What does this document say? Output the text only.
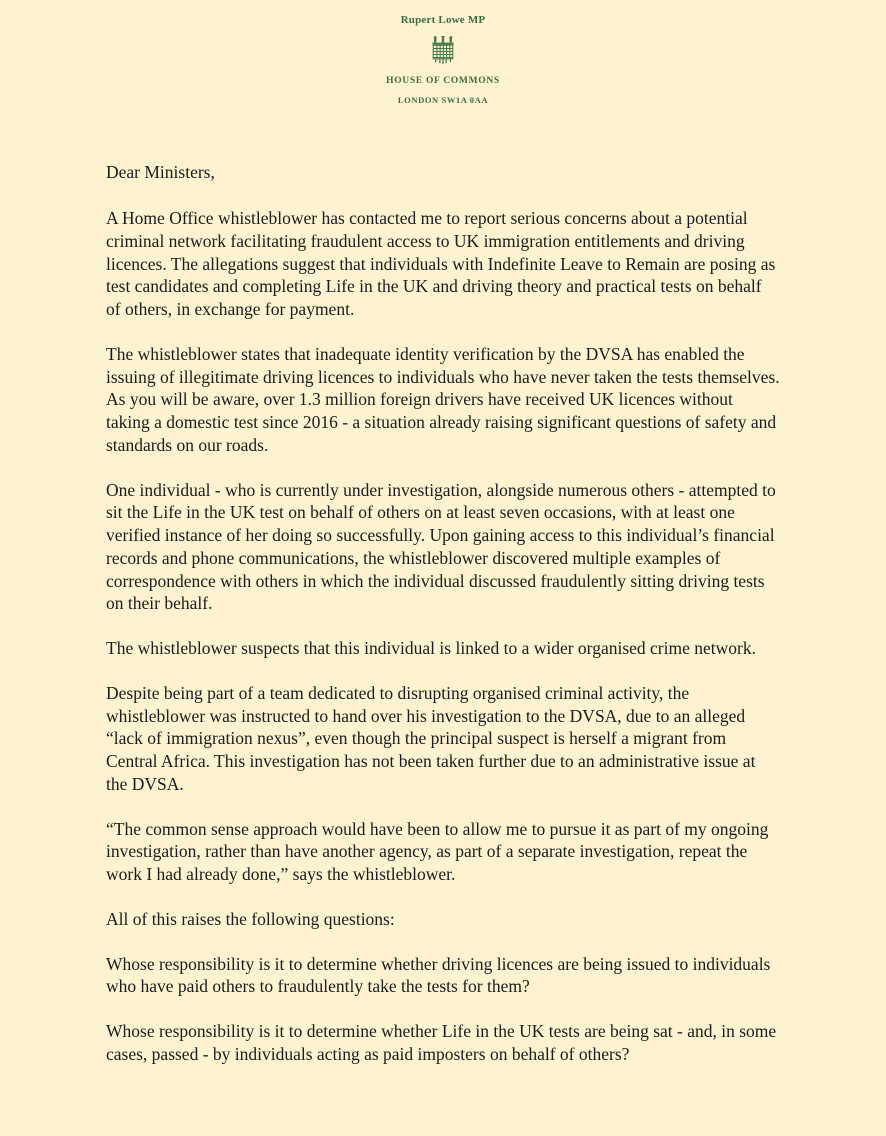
Rupert Lowe MP
HOUSE OF COMMONS
LONDON SW1A 0AA

Dear Ministers,

A Home Office whistleblower has contacted me to report serious concerns about a potential criminal network facilitating fraudulent access to UK immigration entitlements and driving licences. The allegations suggest that individuals with Indefinite Leave to Remain are posing as test candidates and completing Life in the UK and driving theory and practical tests on behalf of others, in exchange for payment.

The whistleblower states that inadequate identity verification by the DVSA has enabled the issuing of illegitimate driving licences to individuals who have never taken the tests themselves. As you will be aware, over 1.3 million foreign drivers have received UK licences without taking a domestic test since 2016 - a situation already raising significant questions of safety and standards on our roads.

One individual - who is currently under investigation, alongside numerous others - attempted to sit the Life in the UK test on behalf of others on at least seven occasions, with at least one verified instance of her doing so successfully. Upon gaining access to this individual’s financial records and phone communications, the whistleblower discovered multiple examples of correspondence with others in which the individual discussed fraudulently sitting driving tests on their behalf.

The whistleblower suspects that this individual is linked to a wider organised crime network.

Despite being part of a team dedicated to disrupting organised criminal activity, the whistleblower was instructed to hand over his investigation to the DVSA, due to an alleged “lack of immigration nexus”, even though the principal suspect is herself a migrant from Central Africa. This investigation has not been taken further due to an administrative issue at the DVSA.

“The common sense approach would have been to allow me to pursue it as part of my ongoing investigation, rather than have another agency, as part of a separate investigation, repeat the work I had already done,” says the whistleblower.

All of this raises the following questions:

Whose responsibility is it to determine whether driving licences are being issued to individuals who have paid others to fraudulently take the tests for them?

Whose responsibility is it to determine whether Life in the UK tests are being sat - and, in some cases, passed - by individuals acting as paid imposters on behalf of others?
